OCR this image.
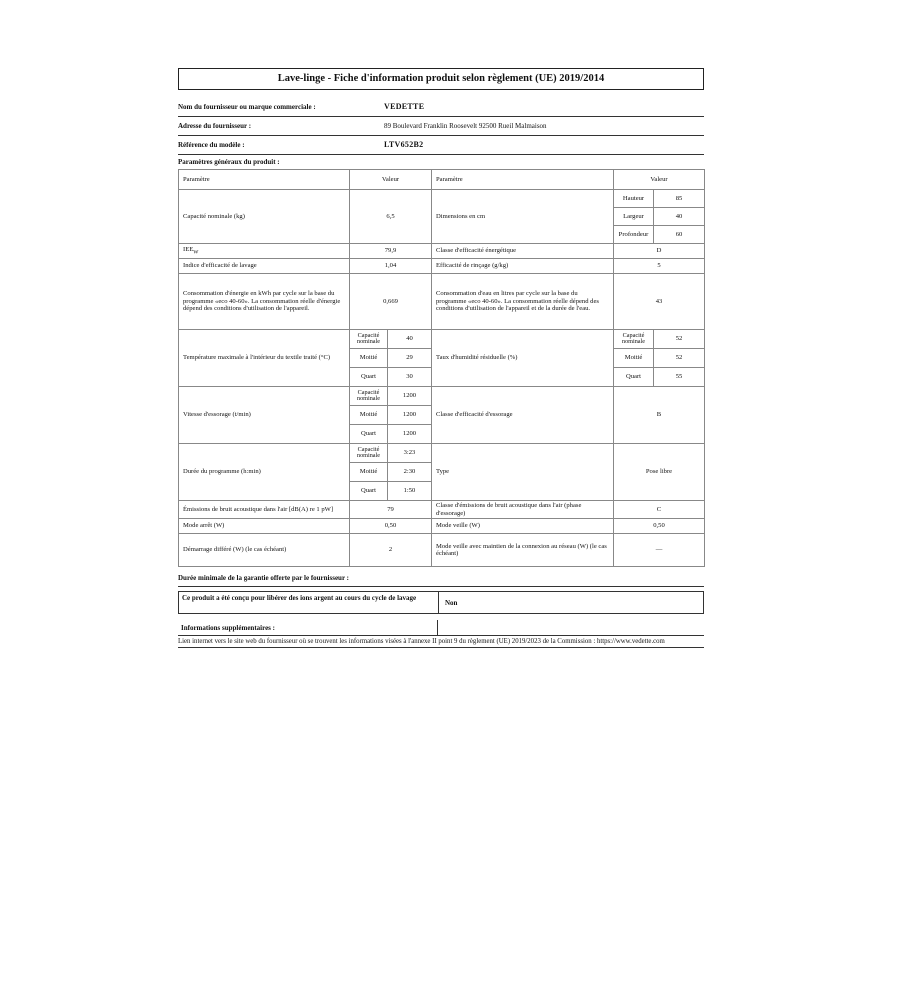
Lave-linge - Fiche d'information produit selon règlement (UE) 2019/2014
Nom du fournisseur ou marque commerciale :	VEDETTE
Adresse du fournisseur :	89 Boulevard Franklin Roosevelt 92500 Rueil Malmaison
Référence du modèle :	LTV652B2
Paramètres généraux du produit :
Paramètre	Valeur		Paramètre	Valeur	
Capacité nominale (kg)	6,5		Dimensions en cm	Hauteur	85
				Largeur	40
				Profondeur	60
$IEE_W$	79,9		Classe d'efficacité énergétique	D	
Indice d'efficacité de lavage	1,04		Efficacité de rinçage (g/kg)	5	
Consommation d'énergie en kWh par cycle sur la base du programme «eco 40-60». La consommation réelle d'énergie dépend des conditions d'utilisation de l'appareil.	0,669		Consommation d'eau en litres par cycle sur la base du programme «eco 40-60». La consommation réelle dépend des conditions d'utilisation de l'appareil et de la durée de l'eau.	43	
Température maximale à l'intérieur du textile traité (°C)	Capacité nominale	40	Taux d'humidité résiduelle (%)	Capacité nominale	52
	Moitié	29		Moitié	52
	Quart	30		Quart	55
Vitesse d'essorage (t/min)	Capacité nominale	1200	Classe d'efficacité d'essorage	B	
	Moitié	1200			
	Quart	1200			
Durée du programme (h:min)	Capacité nominale	3:23	Type	Pose libre	
	Moitié	2:30			
	Quart	1:50			
Émissions de bruit acoustique dans l'air [dB(A) re 1 pW]	79		Classe d'émissions de bruit acoustique dans l'air (phase d'essorage)	C	
Mode arrêt (W)	0,50		Mode veille (W)	0,50	
Démarrage différé (W) (le cas échéant)	2		Mode veille avec maintien de la connexion au réseau (W) (le cas échéant)	—	
Durée minimale de la garantie offerte par le fournisseur :
Ce produit a été conçu pour libérer des ions argent au cours du cycle de lavage
Non
Informations supplémentaires :
Lien internet vers le site web du fournisseur où se trouvent les informations visées à l'annexe II point 9 du règlement (UE) 2019/2023 de la Commission : https://www.vedette.com
